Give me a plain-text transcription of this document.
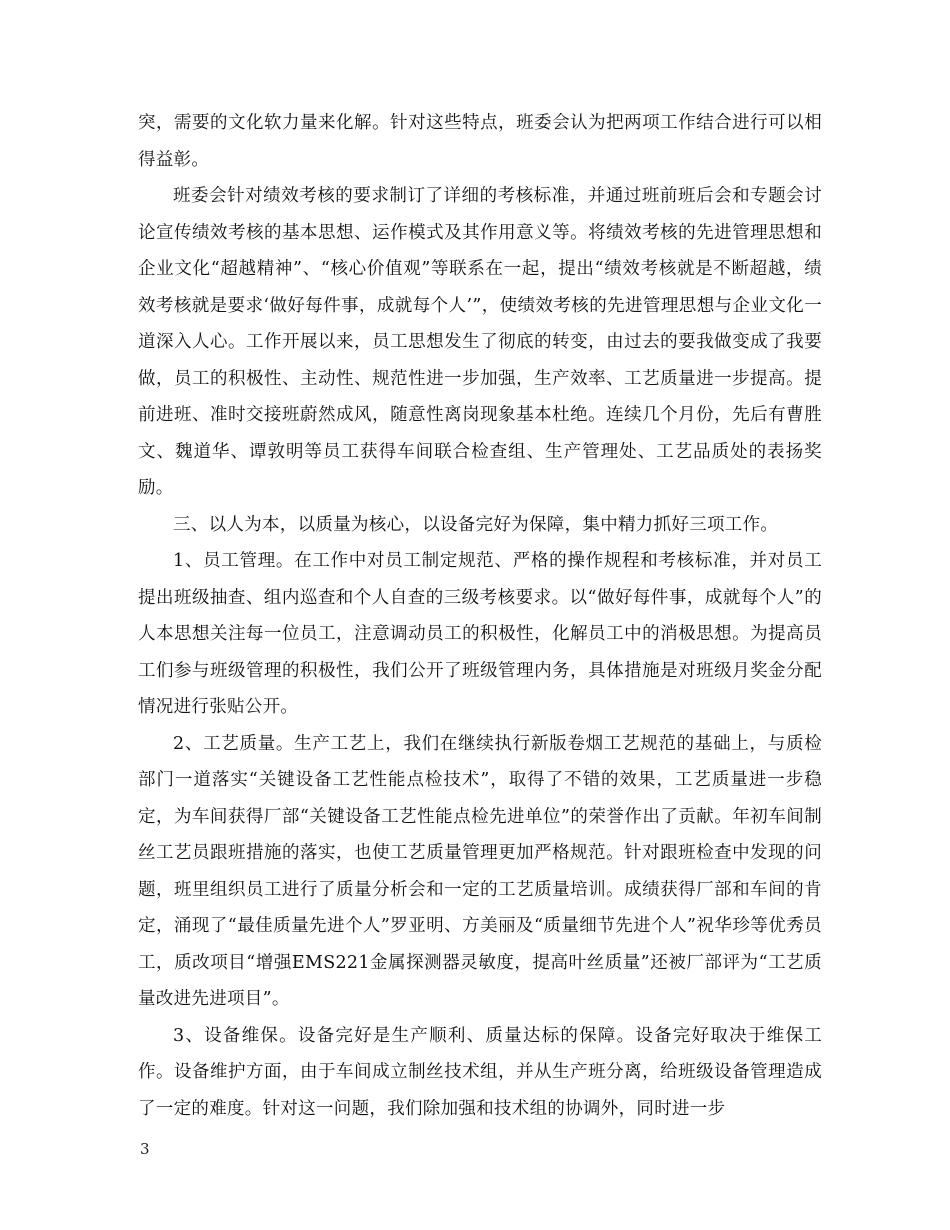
突，需要的文化软力量来化解。针对这些特点，班委会认为把两项工作结合进行可以相得益彰。

班委会针对绩效考核的要求制订了详细的考核标准，并通过班前班后会和专题会讨论宣传绩效考核的基本思想、运作模式及其作用意义等。将绩效考核的先进管理思想和企业文化“超越精神”、“核心价值观”等联系在一起，提出“绩效考核就是不断超越，绩效考核就是要求‘做好每件事，成就每个人’”，使绩效考核的先进管理思想与企业文化一道深入人心。工作开展以来，员工思想发生了彻底的转变，由过去的要我做变成了我要做，员工的积极性、主动性、规范性进一步加强，生产效率、工艺质量进一步提高。提前进班、准时交接班蔚然成风，随意性离岗现象基本杜绝。连续几个月份，先后有曹胜文、魏道华、谭敦明等员工获得车间联合检查组、生产管理处、工艺品质处的表扬奖励。

三、以人为本，以质量为核心，以设备完好为保障，集中精力抓好三项工作。

1、员工管理。在工作中对员工制定规范、严格的操作规程和考核标准，并对员工提出班级抽查、组内巡查和个人自查的三级考核要求。以“做好每件事，成就每个人”的人本思想关注每一位员工，注意调动员工的积极性，化解员工中的消极思想。为提高员工们参与班级管理的积极性，我们公开了班级管理内务，具体措施是对班级月奖金分配情况进行张贴公开。

2、工艺质量。生产工艺上，我们在继续执行新版卷烟工艺规范的基础上，与质检部门一道落实“关键设备工艺性能点检技术”，取得了不错的效果，工艺质量进一步稳定，为车间获得厂部“关键设备工艺性能点检先进单位”的荣誉作出了贡献。年初车间制丝工艺员跟班措施的落实，也使工艺质量管理更加严格规范。针对跟班检查中发现的问题，班里组织员工进行了质量分析会和一定的工艺质量培训。成绩获得厂部和车间的肯定，涌现了“最佳质量先进个人”罗亚明、方美丽及“质量细节先进个人”祝华珍等优秀员工，质改项目“增强EMS221金属探测器灵敏度，提高叶丝质量”还被厂部评为“工艺质量改进先进项目”。

3、设备维保。设备完好是生产顺利、质量达标的保障。设备完好取决于维保工作。设备维护方面，由于车间成立制丝技术组，并从生产班分离，给班级设备管理造成了一定的难度。针对这一问题，我们除加强和技术组的协调外，同时进一步

3
